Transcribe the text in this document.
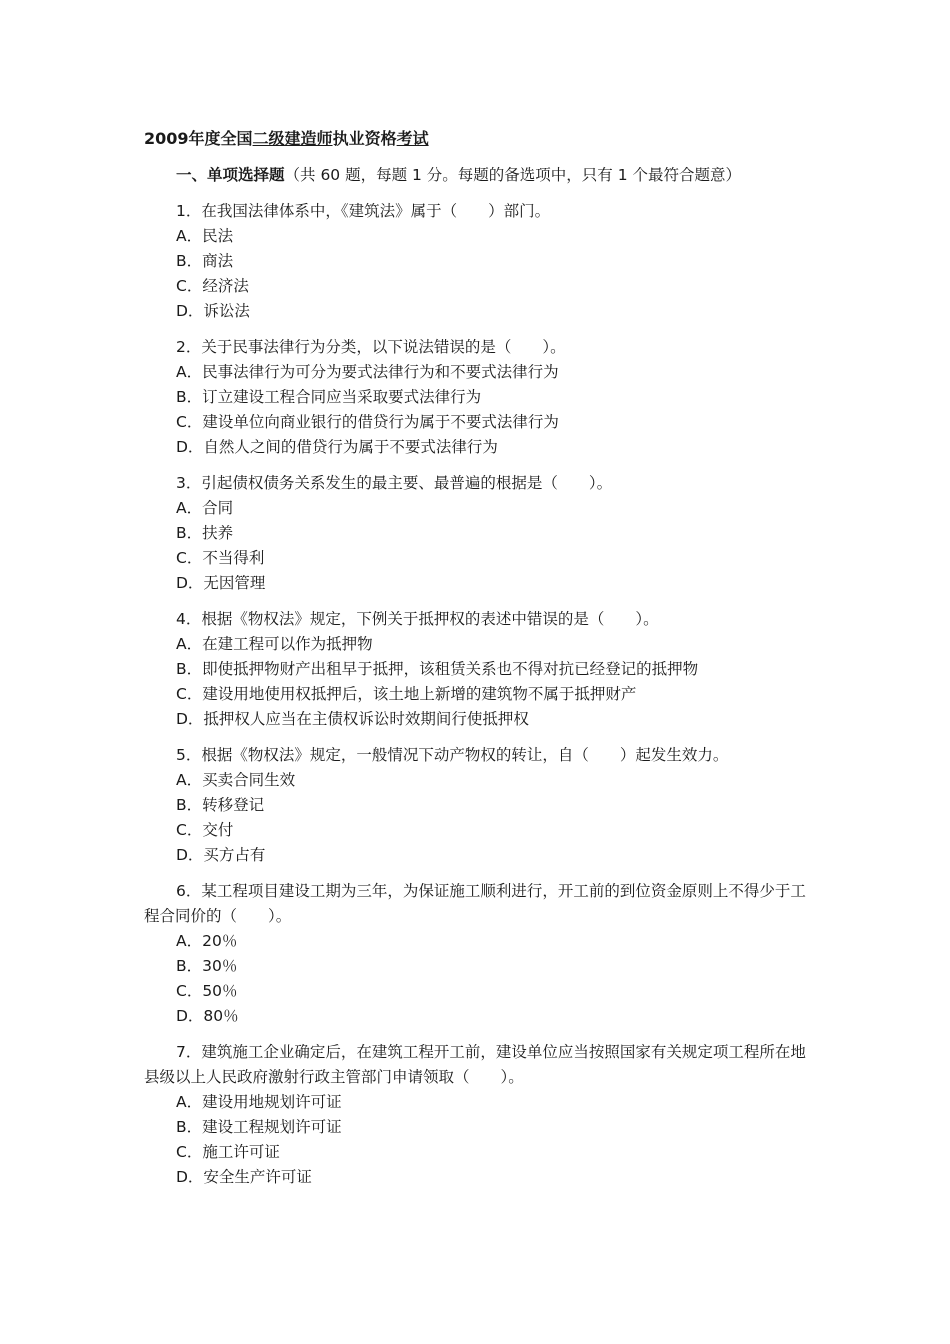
2009年度全国二级建造师执业资格考试
一、单项选择题（共 60 题，每题 1 分。每题的备选项中，只有 1 个最符合题意）
1．在我国法律体系中，《建筑法》属于（　　）部门。
A．民法
B．商法
C．经济法
D．诉讼法
2．关于民事法律行为分类，以下说法错误的是（　　）。
A．民事法律行为可分为要式法律行为和不要式法律行为
B．订立建设工程合同应当采取要式法律行为
C．建设单位向商业银行的借贷行为属于不要式法律行为
D．自然人之间的借贷行为属于不要式法律行为
3．引起债权债务关系发生的最主要、最普遍的根据是（　　）。
A．合同
B．扶养
C．不当得利
D．无因管理
4．根据《物权法》规定，下例关于抵押权的表述中错误的是（　　）。
A．在建工程可以作为抵押物
B．即使抵押物财产出租早于抵押，该租赁关系也不得对抗已经登记的抵押物
C．建设用地使用权抵押后，该土地上新增的建筑物不属于抵押财产
D．抵押权人应当在主债权诉讼时效期间行使抵押权
5．根据《物权法》规定，一般情况下动产物权的转让，自（　　）起发生效力。
A．买卖合同生效
B．转移登记
C．交付
D．买方占有
6．某工程项目建设工期为三年，为保证施工顺利进行，开工前的到位资金原则上不得少于工程合同价的（　　）。
A．20％
B．30％
C．50％
D．80％
7．建筑施工企业确定后，在建筑工程开工前，建设单位应当按照国家有关规定项工程所在地县级以上人民政府激射行政主管部门申请领取（　　）。
A．建设用地规划许可证
B．建设工程规划许可证
C．施工许可证
D．安全生产许可证
